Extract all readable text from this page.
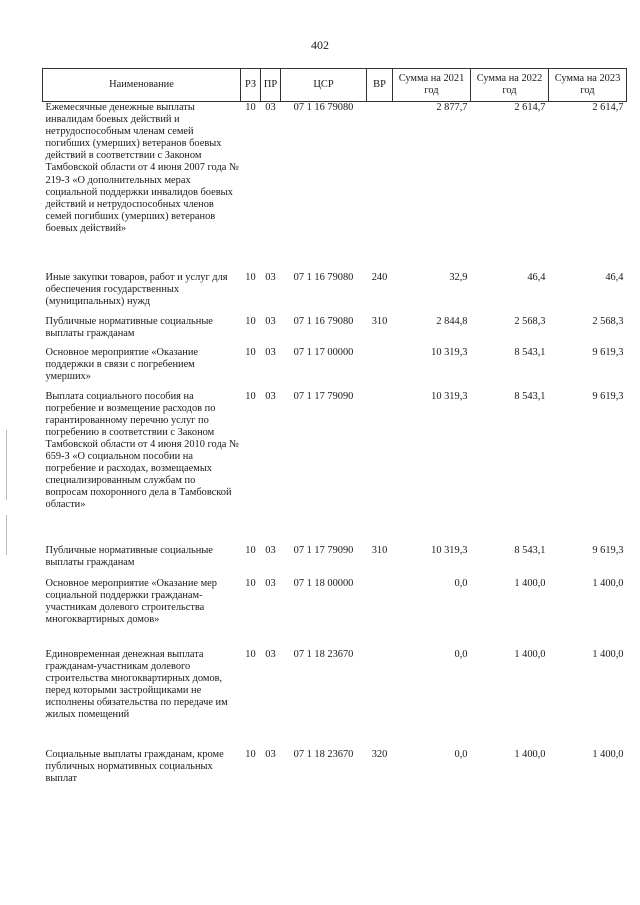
402
Наименование	РЗ	ПР	ЦСР	ВР	Сумма на 2021 год	Сумма на 2022 год	Сумма на 2023 год
Ежемесячные денежные выплаты инвалидам боевых действий и нетрудоспособным членам семей погибших (умерших) ветеранов боевых действий в соответствии с Законом Тамбовской области от 4 июня 2007 года № 219-З «О дополнительных мерах социальной поддержки инвалидов боевых действий и нетрудоспособных членов семей погибших (умерших) ветеранов боевых действий»	10	03	07 1 16 79080		2 877,7	2 614,7	2 614,7
Иные закупки товаров, работ и услуг для обеспечения государственных (муниципальных) нужд	10	03	07 1 16 79080	240	32,9	46,4	46,4
Публичные нормативные социальные выплаты гражданам	10	03	07 1 16 79080	310	2 844,8	2 568,3	2 568,3
Основное мероприятие «Оказание поддержки в связи с погребением умерших»	10	03	07 1 17 00000		10 319,3	8 543,1	9 619,3
Выплата социального пособия на погребение и возмещение расходов по гарантированному перечню услуг по погребению в соответствии с Законом Тамбовской области от 4 июня 2010 года № 659-З «О социальном пособии на погребение и расходах, возмещаемых специализированным службам по вопросам похоронного дела в Тамбовской области»	10	03	07 1 17 79090		10 319,3	8 543,1	9 619,3
Публичные нормативные социальные выплаты гражданам	10	03	07 1 17 79090	310	10 319,3	8 543,1	9 619,3
Основное мероприятие «Оказание мер социальной поддержки гражданам-участникам долевого строительства многоквартирных домов»	10	03	07 1 18 00000		0,0	1 400,0	1 400,0
Единовременная денежная выплата гражданам-участникам долевого строительства многоквартирных домов, перед которыми застройщиками не исполнены обязательства по передаче им жилых помещений	10	03	07 1 18 23670		0,0	1 400,0	1 400,0
Социальные выплаты гражданам, кроме публичных нормативных социальных выплат	10	03	07 1 18 23670	320	0,0	1 400,0	1 400,0
